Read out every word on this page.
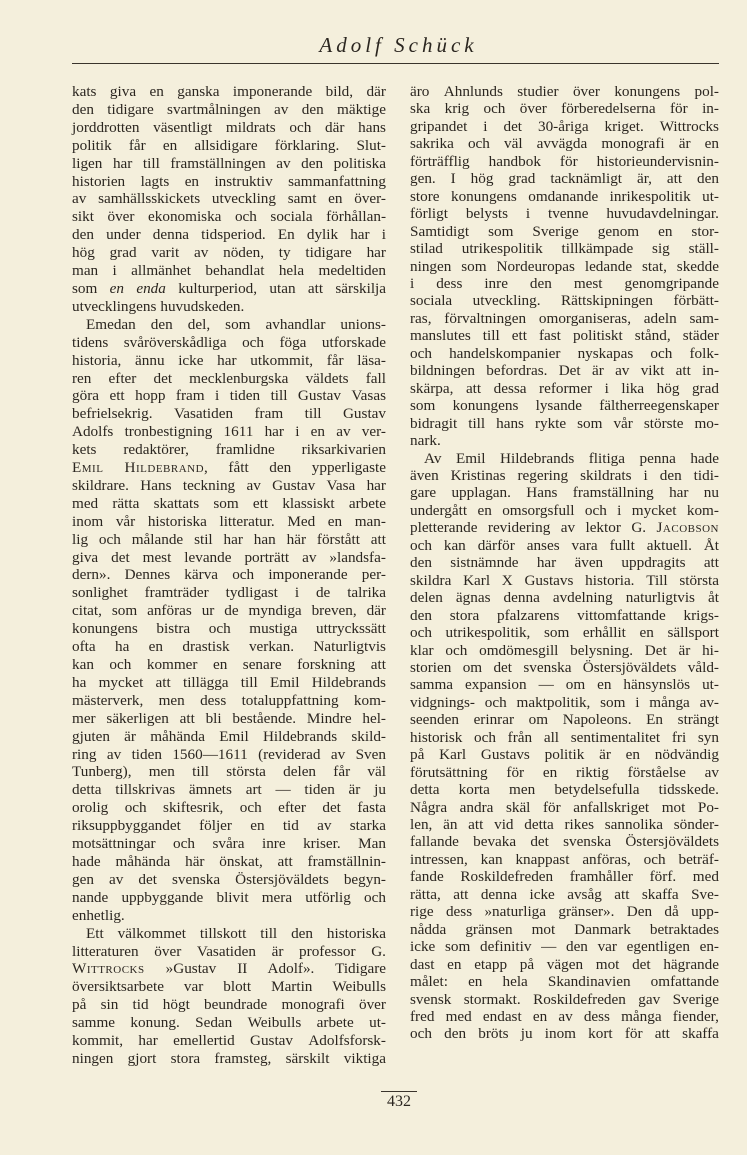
Adolf Schück
kats giva en ganska imponerande bild, där
den tidigare svartmålningen av den mäktige
jorddrotten väsentligt mildrats och där hans
politik får en allsidigare förklaring. Slut-
ligen har till framställningen av den politiska
historien lagts en instruktiv sammanfattning
av samhällsskickets utveckling samt en över-
sikt över ekonomiska och sociala förhållan-
den under denna tidsperiod. En dylik har i
hög grad varit av nöden, ty tidigare har
man i allmänhet behandlat hela medeltiden
som en enda kulturperiod, utan att särskilja
utvecklingens huvudskeden.
Emedan den del, som avhandlar unions-
tidens svåröverskådliga och föga utforskade
historia, ännu icke har utkommit, får läsa-
ren efter det mecklenburgska väldets fall
göra ett hopp fram i tiden till Gustav Vasas
befrielsekrig. Vasatiden fram till Gustav
Adolfs tronbestigning 1611 har i en av ver-
kets redaktörer, framlidne riksarkivarien
Emil Hildebrand, fått den ypperligaste
skildrare. Hans teckning av Gustav Vasa har
med rätta skattats som ett klassiskt arbete
inom vår historiska litteratur. Med en man-
lig och målande stil har han här förstått att
giva det mest levande porträtt av »landsfa-
dern». Dennes kärva och imponerande per-
sonlighet framträder tydligast i de talrika
citat, som anföras ur de myndiga breven, där
konungens bistra och mustiga uttryckssätt
ofta ha en drastisk verkan. Naturligtvis
kan och kommer en senare forskning att
ha mycket att tillägga till Emil Hildebrands
mästerverk, men dess totaluppfattning kom-
mer säkerligen att bli bestående. Mindre hel-
gjuten är måhända Emil Hildebrands skild-
ring av tiden 1560—1611 (reviderad av Sven
Tunberg), men till största delen får väl
detta tillskrivas ämnets art — tiden är ju
orolig och skiftesrik, och efter det fasta
riksuppbyggandet följer en tid av starka
motsättningar och svåra inre kriser. Man
hade måhända här önskat, att framställnin-
gen av det svenska Östersjöväldets begyn-
nande uppbyggande blivit mera utförlig och
enhetlig.
Ett välkommet tillskott till den historiska
litteraturen över Vasatiden är professor G.
Wittrocks »Gustav II Adolf». Tidigare
översiktsarbete var blott Martin Weibulls
på sin tid högt beundrade monografi över
samme konung. Sedan Weibulls arbete ut-
kommit, har emellertid Gustav Adolfsforsk-
ningen gjort stora framsteg, särskilt viktiga
äro Ahnlunds studier över konungens pol-
ska krig och över förberedelserna för in-
gripandet i det 30-åriga kriget. Wittrocks
sakrika och väl avvägda monografi är en
förträfflig handbok för historieundervisnin-
gen. I hög grad tacknämligt är, att den
store konungens omdanande inrikespolitik ut-
förligt belysts i tvenne huvudavdelningar.
Samtidigt som Sverige genom en stor-
stilad utrikespolitik tillkämpade sig ställ-
ningen som Nordeuropas ledande stat, skedde
i dess inre den mest genomgripande
sociala utveckling. Rättskipningen förbätt-
ras, förvaltningen omorganiseras, adeln sam-
manslutes till ett fast politiskt stånd, städer
och handelskompanier nyskapas och folk-
bildningen befordras. Det är av vikt att in-
skärpa, att dessa reformer i lika hög grad
som konungens lysande fältherreegenskaper
bidragit till hans rykte som vår störste mo-
nark.
Av Emil Hildebrands flitiga penna hade
även Kristinas regering skildrats i den tidi-
gare upplagan. Hans framställning har nu
undergått en omsorgsfull och i mycket kom-
pletterande revidering av lektor G. Jacobson
och kan därför anses vara fullt aktuell. Åt
den sistnämnde har även uppdragits att
skildra Karl X Gustavs historia. Till största
delen ägnas denna avdelning naturligtvis åt
den stora pfalzarens vittomfattande krigs-
och utrikespolitik, som erhållit en sällsport
klar och omdömesgill belysning. Det är hi-
storien om det svenska Östersjöväldets våld-
samma expansion — om en hänsynslös ut-
vidgnings- och maktpolitik, som i många av-
seenden erinrar om Napoleons. En strängt
historisk och från all sentimentalitet fri syn
på Karl Gustavs politik är en nödvändig
förutsättning för en riktig förståelse av
detta korta men betydelsefulla tidsskede.
Några andra skäl för anfallskriget mot Po-
len, än att vid detta rikes sannolika sönder-
fallande bevaka det svenska Östersjöväldets
intressen, kan knappast anföras, och beträf-
fande Roskildefreden framhåller förf. med
rätta, att denna icke avsåg att skaffa Sve-
rige dess »naturliga gränser». Den då upp-
nådda gränsen mot Danmark betraktades
icke som definitiv — den var egentligen en-
dast en etapp på vägen mot det hägrande
målet: en hela Skandinavien omfattande
svensk stormakt. Roskildefreden gav Sverige
fred med endast en av dess många fiender,
och den bröts ju inom kort för att skaffa
432
